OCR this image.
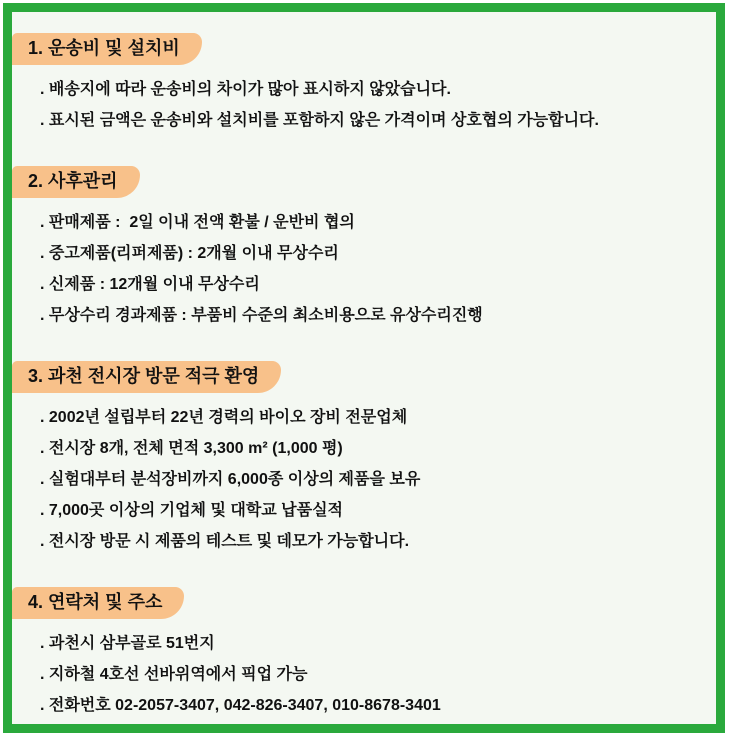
1. 운송비 및 설치비
. 배송지에 따라 운송비의 차이가 많아 표시하지 않았습니다.
. 표시된 금액은 운송비와 설치비를 포함하지 않은 가격이며 상호협의 가능합니다.
2. 사후관리
. 판매제품 :  2일 이내 전액 환불 / 운반비 협의
. 중고제품(리퍼제품) : 2개월 이내 무상수리
. 신제품 : 12개월 이내 무상수리
. 무상수리 경과제품 : 부품비 수준의 최소비용으로 유상수리진행
3. 과천 전시장 방문 적극 환영
. 2002년 설립부터 22년 경력의 바이오 장비 전문업체
. 전시장 8개, 전체 면적 3,300 m² (1,000 평)
. 실험대부터 분석장비까지 6,000종 이상의 제품을 보유
. 7,000곳 이상의 기업체 및 대학교 납품실적
. 전시장 방문 시 제품의 테스트 및 데모가 가능합니다.
4. 연락처 및 주소
. 과천시 삼부골로 51번지
. 지하철 4호선 선바위역에서 픽업 가능
. 전화번호 02-2057-3407, 042-826-3407, 010-8678-3401
